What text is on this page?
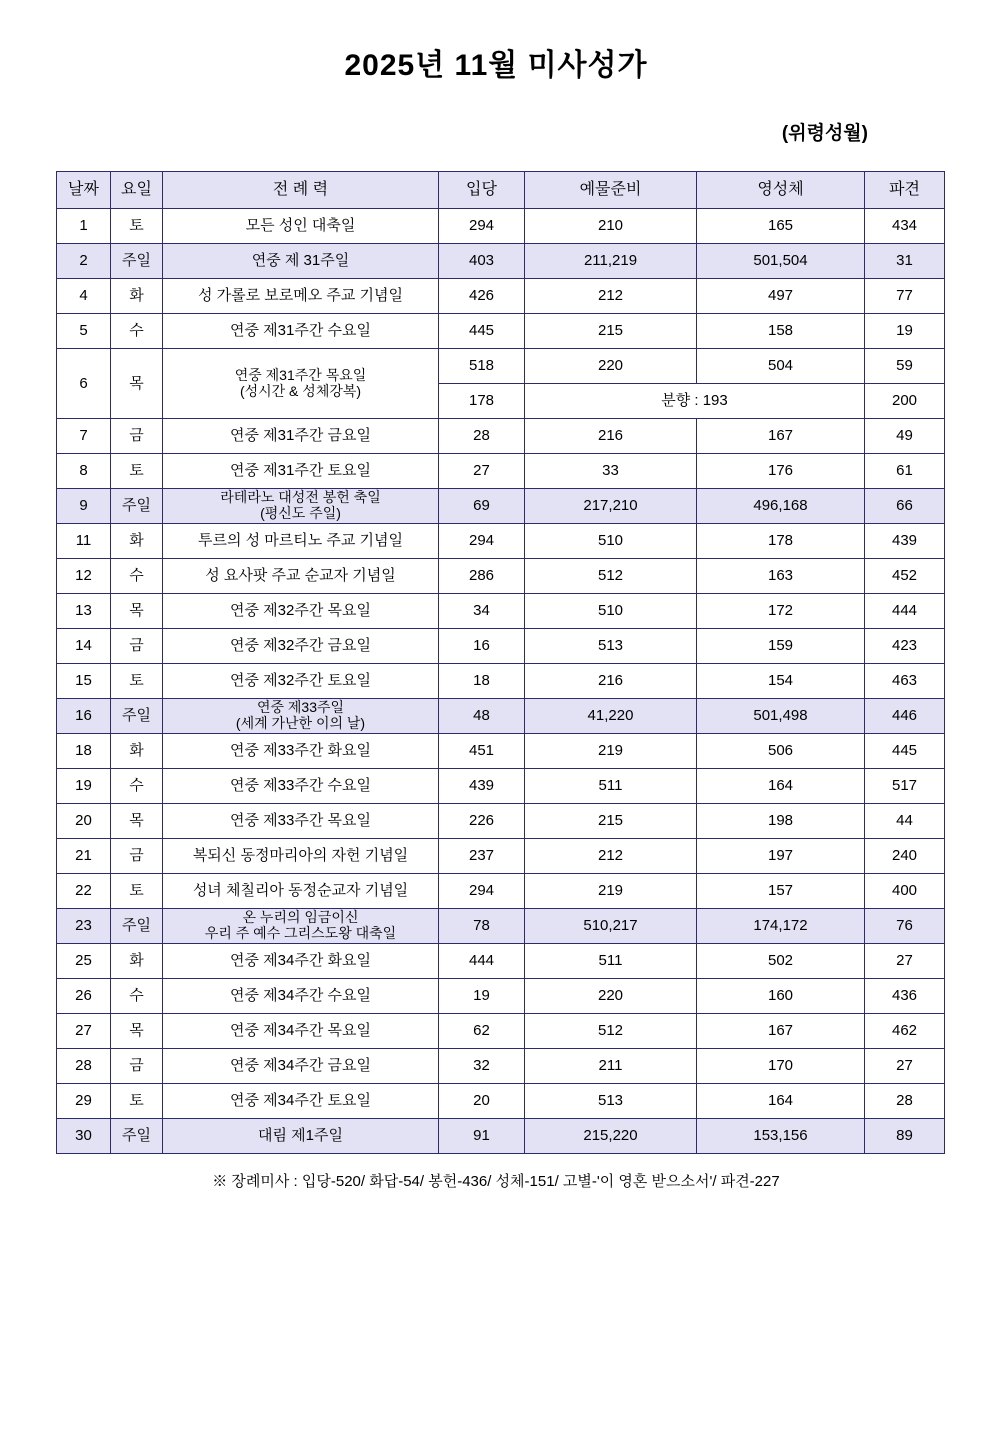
2025년 11월 미사성가
(위령성월)
날짜	요일	전 례 력	입당	예물준비	영성체	파견
1	토	모든 성인 대축일	294	210	165	434
2	주일	연중 제 31주일	403	211,219	501,504	31
4	화	성 가롤로 보로메오 주교 기념일	426	212	497	77
5	수	연중 제31주간 수요일	445	215	158	19
6	목	연중 제31주간 목요일
(성시간 & 성체강복)	518	220	504	59
			178	분향 : 193		200
7	금	연중 제31주간 금요일	28	216	167	49
8	토	연중 제31주간 토요일	27	33	176	61
9	주일	라테라노 대성전 봉헌 축일
(평신도 주일)	69	217,210	496,168	66
11	화	투르의 성 마르티노 주교 기념일	294	510	178	439
12	수	성 요사팟 주교 순교자 기념일	286	512	163	452
13	목	연중 제32주간 목요일	34	510	172	444
14	금	연중 제32주간 금요일	16	513	159	423
15	토	연중 제32주간 토요일	18	216	154	463
16	주일	연중 제33주일
(세계 가난한 이의 날)	48	41,220	501,498	446
18	화	연중 제33주간 화요일	451	219	506	445
19	수	연중 제33주간 수요일	439	511	164	517
20	목	연중 제33주간 목요일	226	215	198	44
21	금	복되신 동정마리아의 자헌 기념일	237	212	197	240
22	토	성녀 체칠리아 동정순교자 기념일	294	219	157	400
23	주일	온 누리의 임금이신
우리 주 예수 그리스도왕 대축일	78	510,217	174,172	76
25	화	연중 제34주간 화요일	444	511	502	27
26	수	연중 제34주간 수요일	19	220	160	436
27	목	연중 제34주간 목요일	62	512	167	462
28	금	연중 제34주간 금요일	32	211	170	27
29	토	연중 제34주간 토요일	20	513	164	28
30	주일	대림 제1주일	91	215,220	153,156	89
※ 장례미사 : 입당-520/ 화답-54/ 봉헌-436/ 성체-151/ 고별-'이 영혼 받으소서'/ 파견-227
